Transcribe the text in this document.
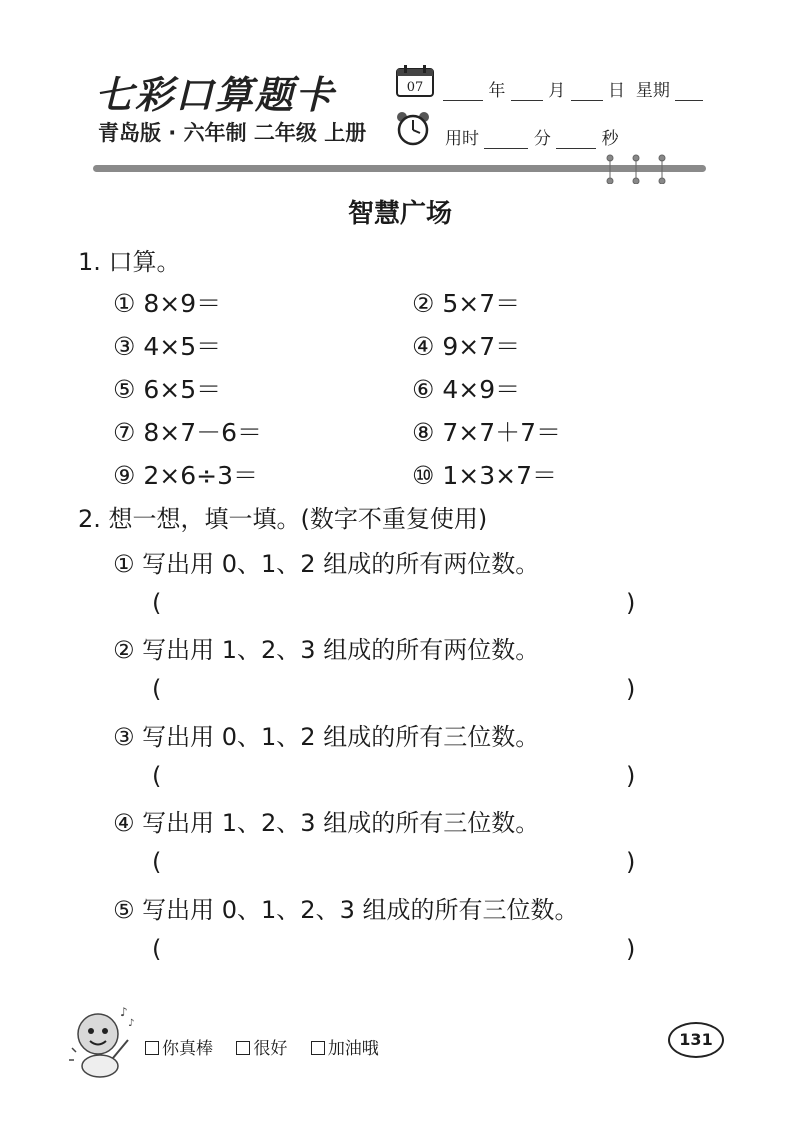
七彩口算题卡
青岛版 · 六年制 二年级 上册
07	年	月	日 星期
用时	分	秒
智慧广场
1. 口算。
① 8×9＝	② 5×7＝
③ 4×5＝	④ 9×7＝
⑤ 6×5＝	⑥ 4×9＝
⑦ 8×7－6＝	⑧ 7×7＋7＝
⑨ 2×6÷3＝	⑩ 1×3×7＝
2. 想一想，填一填。(数字不重复使用)
① 写出用 0、1、2 组成的所有两位数。
(	)
② 写出用 1、2、3 组成的所有两位数。
(	)
③ 写出用 0、1、2 组成的所有三位数。
(	)
④ 写出用 1、2、3 组成的所有三位数。
(	)
⑤ 写出用 0、1、2、3 组成的所有三位数。
(	)
♪
♪
你真棒 很好 加油哦	131
